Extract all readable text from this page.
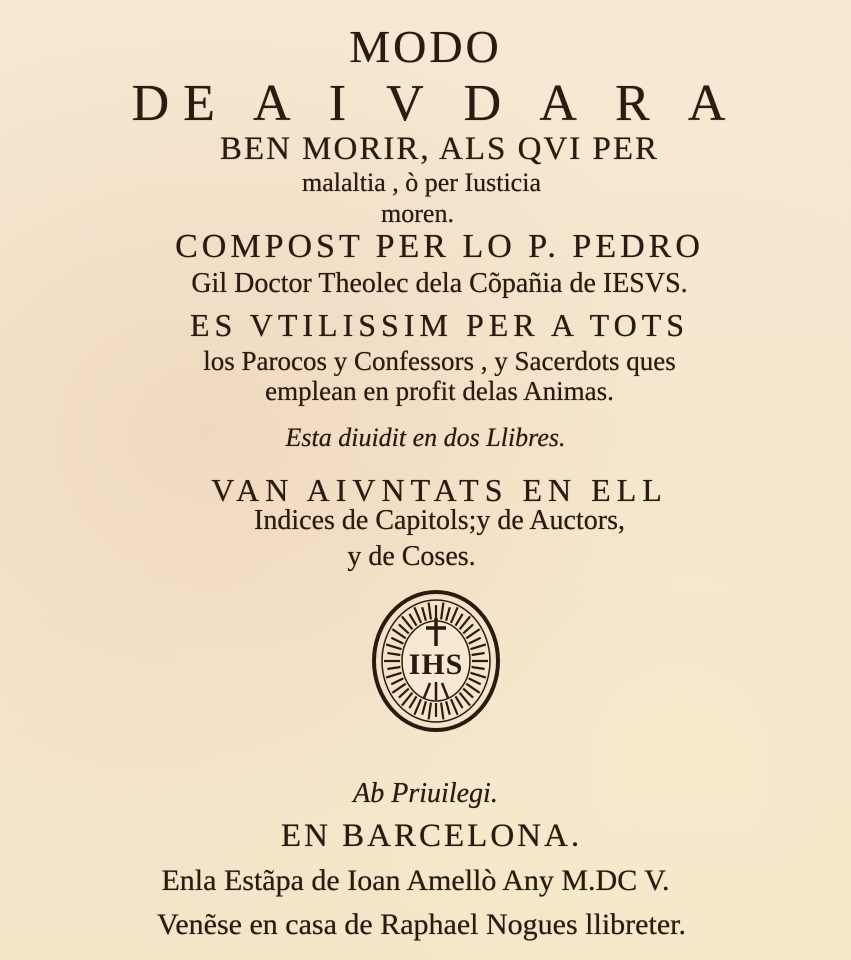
MODO
DE A I V D A R A
BEN MORIR, ALS QVI PER
malaltia , ò per Iusticia
moren.
COMPOST PER LO P. PEDRO
Gil Doctor Theolec dela Cõpañia de IESVS.
ES VTILISSIM PER A TOTS
los Parocos y Confessors , y Sacerdots ques
emplean en profit delas Animas.
Esta diuidit en dos Llibres.
VAN AIVNTATS EN ELL
Indices de Capitols;y de Auctors,
y de Coses.
IHS
Ab Priuilegi.
EN BARCELONA.
Enla Estãpa de Ioan Amellò Any M.DC V.
Venẽse en casa de Raphael Nogues llibreter.
